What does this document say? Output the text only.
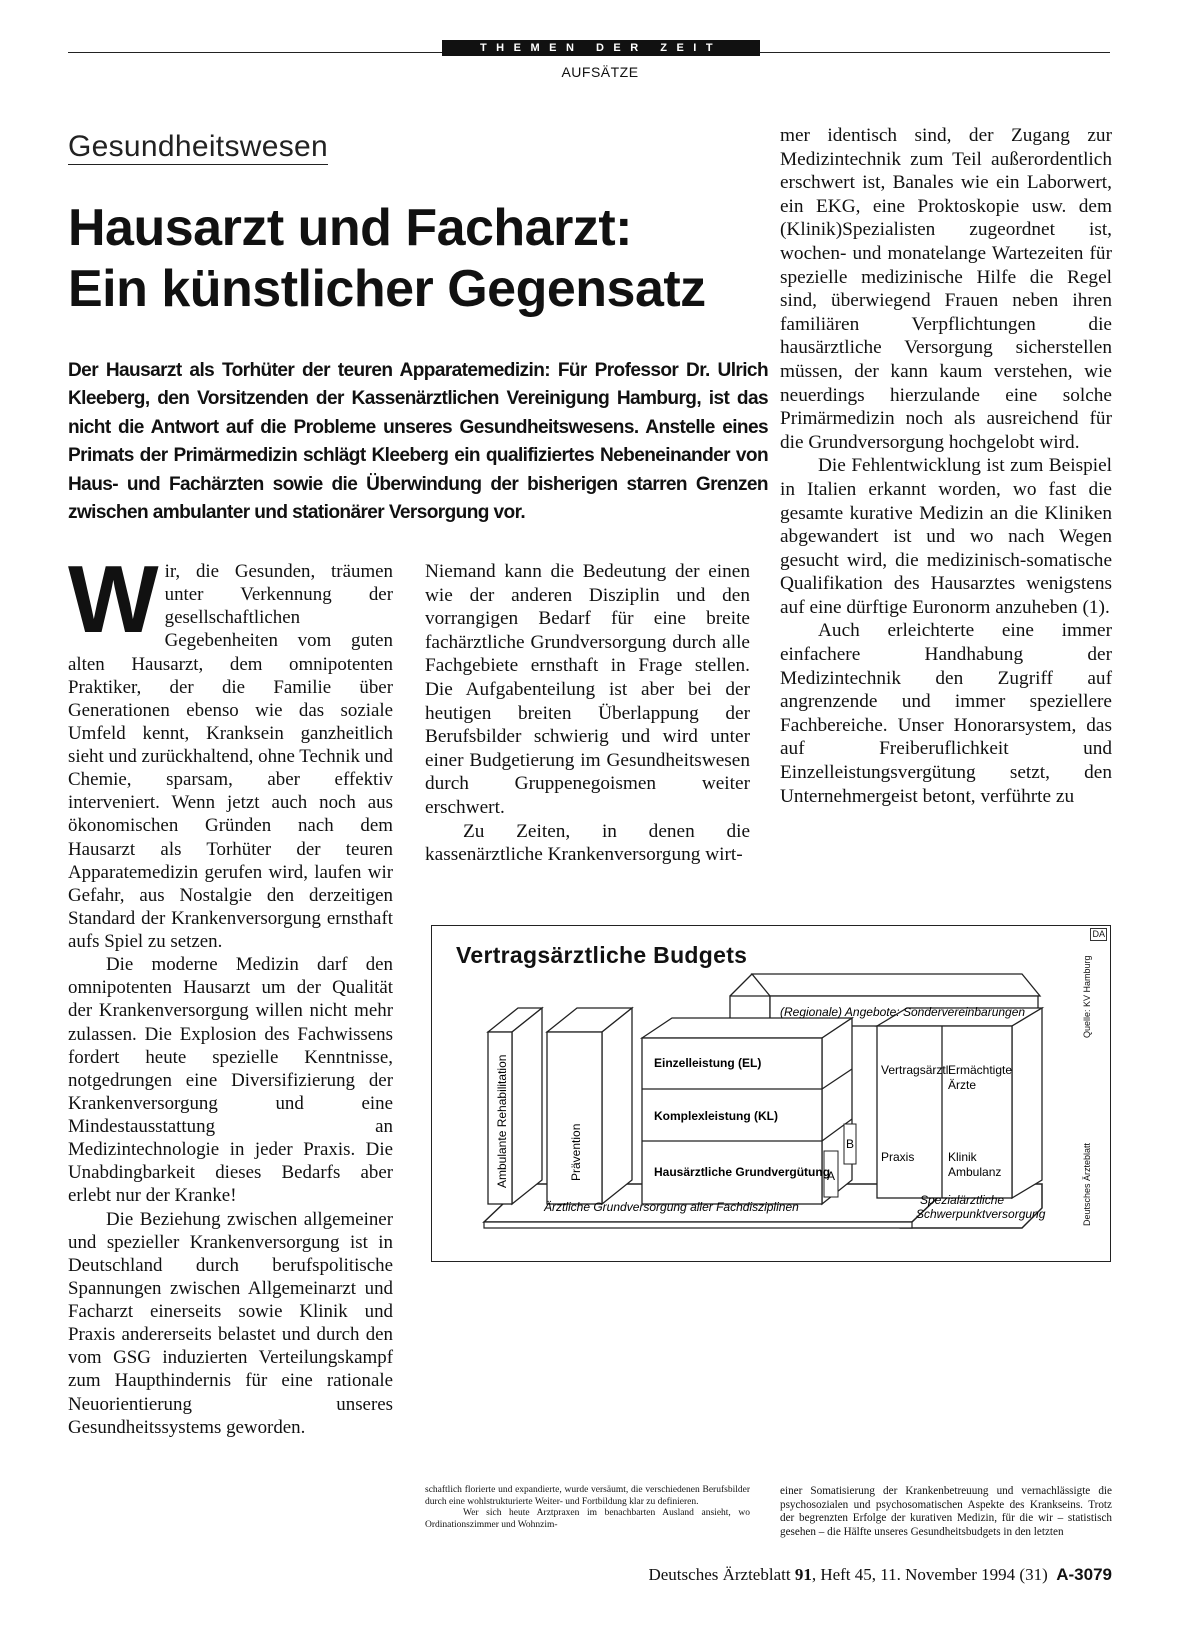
THEMEN DER ZEIT
AUFSÄTZE
Gesundheitswesen
Hausarzt und Facharzt:
Ein künstlicher Gegensatz
Der Hausarzt als Torhüter der teuren Apparatemedizin: Für Professor Dr. Ulrich Kleeberg, den Vorsitzenden der Kassenärztlichen Vereinigung Hamburg, ist das nicht die Antwort auf die Probleme unseres Gesundheitswesens. Anstelle eines Primats der Primärmedizin schlägt Kleeberg ein qualifiziertes Nebeneinander von Haus- und Fachärzten sowie die Überwindung der bisherigen starren Grenzen zwischen ambulanter und stationärer Versorgung vor.

Wir, die Gesunden, träumen unter Verkennung der gesellschaftlichen Gegebenheiten vom guten alten Hausarzt, dem omnipotenten Praktiker, der die Familie über Generationen ebenso wie das soziale Umfeld kennt, Kranksein ganzheitlich sieht und zurückhaltend, ohne Technik und Chemie, sparsam, aber effektiv interveniert. Wenn jetzt auch noch aus ökonomischen Gründen nach dem Hausarzt als Torhüter der teuren Apparatemedizin gerufen wird, laufen wir Gefahr, aus Nostalgie den derzeitigen Standard der Krankenversorgung ernsthaft aufs Spiel zu setzen.

Die moderne Medizin darf den omnipotenten Hausarzt um der Qualität der Krankenversorgung willen nicht mehr zulassen. Die Explosion des Fachwissens fordert heute spezielle Kenntnisse, notgedrungen eine Diversifizierung der Krankenversorgung und eine Mindestausstattung an Medizintechnologie in jeder Praxis. Die Unabdingbarkeit dieses Bedarfs aber erlebt nur der Kranke!

Die Beziehung zwischen allgemeiner und spezieller Krankenversorgung ist in Deutschland durch berufspolitische Spannungen zwischen Allgemeinarzt und Facharzt einerseits sowie Klinik und Praxis andererseits belastet und durch den vom GSG induzierten Verteilungskampf zum Haupthindernis für eine rationale Neuorientierung unseres Gesundheitssystems geworden.

Niemand kann die Bedeutung der einen wie der anderen Disziplin und den vorrangigen Bedarf für eine breite fachärztliche Grundversorgung durch alle Fachgebiete ernsthaft in Frage stellen. Die Aufgabenteilung ist aber bei der heutigen breiten Überlappung der Berufsbilder schwierig und wird unter einer Budgetierung im Gesundheitswesen durch Gruppenegoismen weiter erschwert.

Zu Zeiten, in denen die kassenärztliche Krankenversorgung wirt-

mer identisch sind, der Zugang zur Medizintechnik zum Teil außerordentlich erschwert ist, Banales wie ein Laborwert, ein EKG, eine Proktoskopie usw. dem (Klinik)Spezialisten zugeordnet ist, wochen- und monatelange Wartezeiten für spezielle medizinische Hilfe die Regel sind, überwiegend Frauen neben ihren familiären Verpflichtungen die hausärztliche Versorgung sicherstellen müssen, der kann kaum verstehen, wie neuerdings hierzulande eine solche Primärmedizin noch als ausreichend für die Grundversorgung hochgelobt wird.

Die Fehlentwicklung ist zum Beispiel in Italien erkannt worden, wo fast die gesamte kurative Medizin an die Kliniken abgewandert ist und wo nach Wegen gesucht wird, die medizinisch-somatische Qualifikation des Hausarztes wenigstens auf eine dürftige Euronorm anzuheben (1).

Auch erleichterte eine immer einfachere Handhabung der Medizintechnik den Zugriff auf angrenzende und immer speziellere Fachbereiche. Unser Honorarsystem, das auf Freiberuflichkeit und Einzelleistungsvergütung setzt, den Unternehmergeist betont, verführte zu

Vertragsärztliche Budgets
DA
Quelle: KV Hamburg
Deutsches Ärzteblatt
Ambulante Rehabilitation	Prävention
(Regionale) Angebote: Sondervereinbarungen
Einzelleistung (EL)
Komplexleistung (KL)
Hausärztliche Grundvergütung
A
B
Vertragsärztl.
Ermächtigte
Ärzte
Praxis	Klinik
Ambulanz
Ärztliche Grundversorgung aller Fachdisziplinen	Spezialärztliche
Schwerpunktversorgung

schaftlich florierte und expandierte, wurde versäumt, die verschiedenen Berufsbilder durch eine wohlstrukturierte Weiter- und Fortbildung klar zu definieren.

Wer sich heute Arztpraxen im benachbarten Ausland ansieht, wo Ordinationszimmer und Wohnzim-

einer Somatisierung der Krankenbetreuung und vernachlässigte die psychosozialen und psychosomatischen Aspekte des Krankseins. Trotz der begrenzten Erfolge der kurativen Medizin, für die wir – statistisch gesehen – die Hälfte unseres Gesundheitsbudgets in den letzten

Deutsches Ärzteblatt 91, Heft 45, 11. November 1994 (31)  A-3079
